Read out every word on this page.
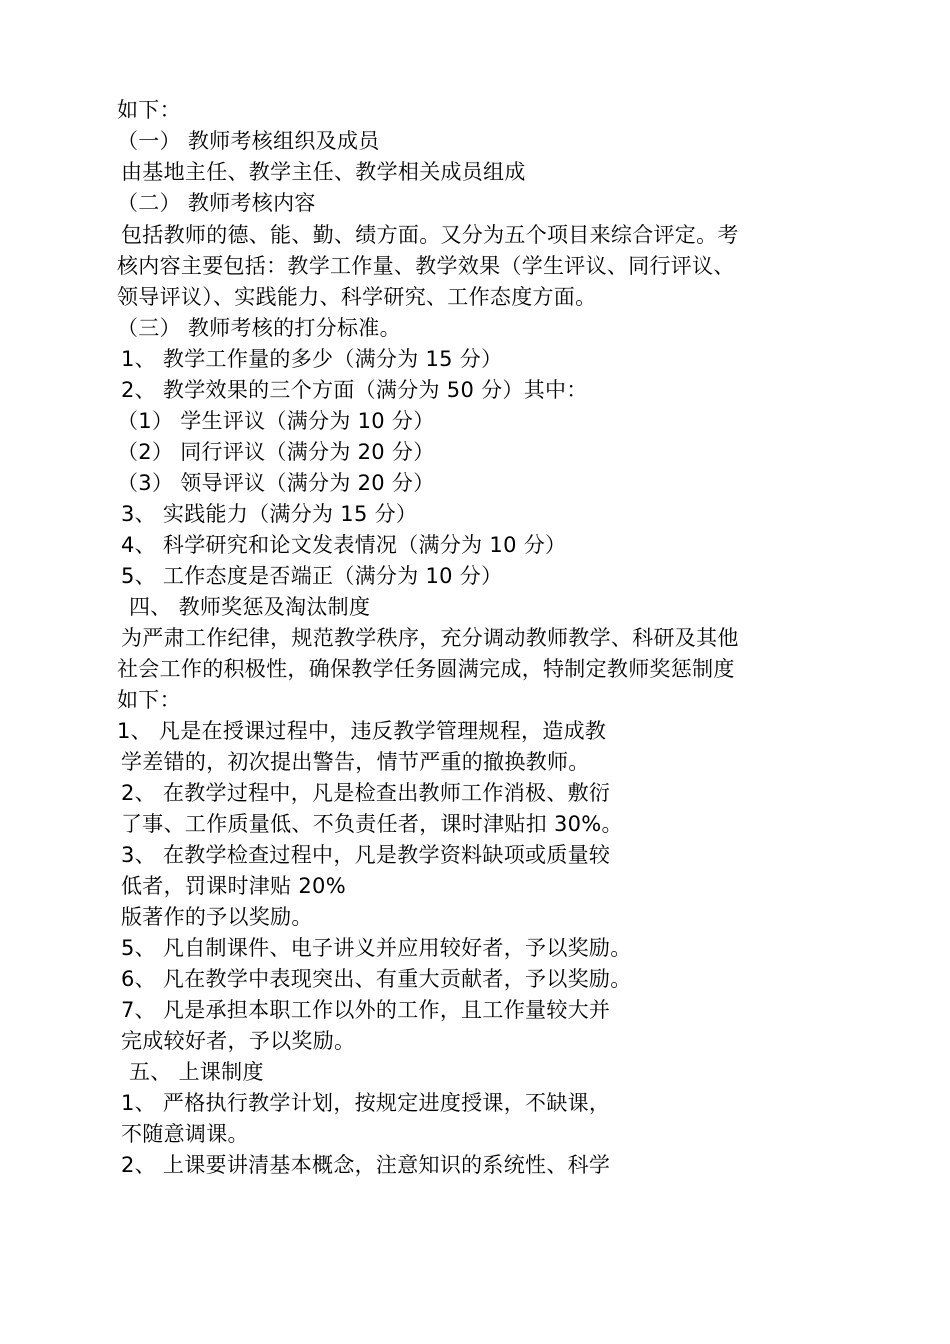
如下：
（一） 教师考核组织及成员
由基地主任、教学主任、教学相关成员组成
（二） 教师考核内容
包括教师的德、能、勤、绩方面。又分为五个项目来综合评定。考
核内容主要包括：教学工作量、教学效果（学生评议、同行评议、
领导评议）、实践能力、科学研究、工作态度方面。
（三） 教师考核的打分标准。
1、 教学工作量的多少（满分为 15 分）
2、 教学效果的三个方面（满分为 50 分）其中：
（1） 学生评议（满分为 10 分）
（2） 同行评议（满分为 20 分）
（3） 领导评议（满分为 20 分）
3、 实践能力（满分为 15 分）
4、 科学研究和论文发表情况（满分为 10 分）
5、 工作态度是否端正（满分为 10 分）
四、 教师奖惩及淘汰制度
为严肃工作纪律，规范教学秩序，充分调动教师教学、科研及其他
社会工作的积极性，确保教学任务圆满完成，特制定教师奖惩制度
如下：
1、 凡是在授课过程中，违反教学管理规程，造成教
学差错的，初次提出警告，情节严重的撤换教师。
2、 在教学过程中，凡是检查出教师工作消极、敷衍
了事、工作质量低、不负责任者，课时津贴扣 30%。
3、 在教学检查过程中，凡是教学资料缺项或质量较
低者，罚课时津贴 20%
版著作的予以奖励。
5、 凡自制课件、电子讲义并应用较好者，予以奖励。
6、 凡在教学中表现突出、有重大贡献者，予以奖励。
7、 凡是承担本职工作以外的工作，且工作量较大并
完成较好者，予以奖励。
五、 上课制度
1、 严格执行教学计划，按规定进度授课，不缺课，
不随意调课。
2、 上课要讲清基本概念，注意知识的系统性、科学
